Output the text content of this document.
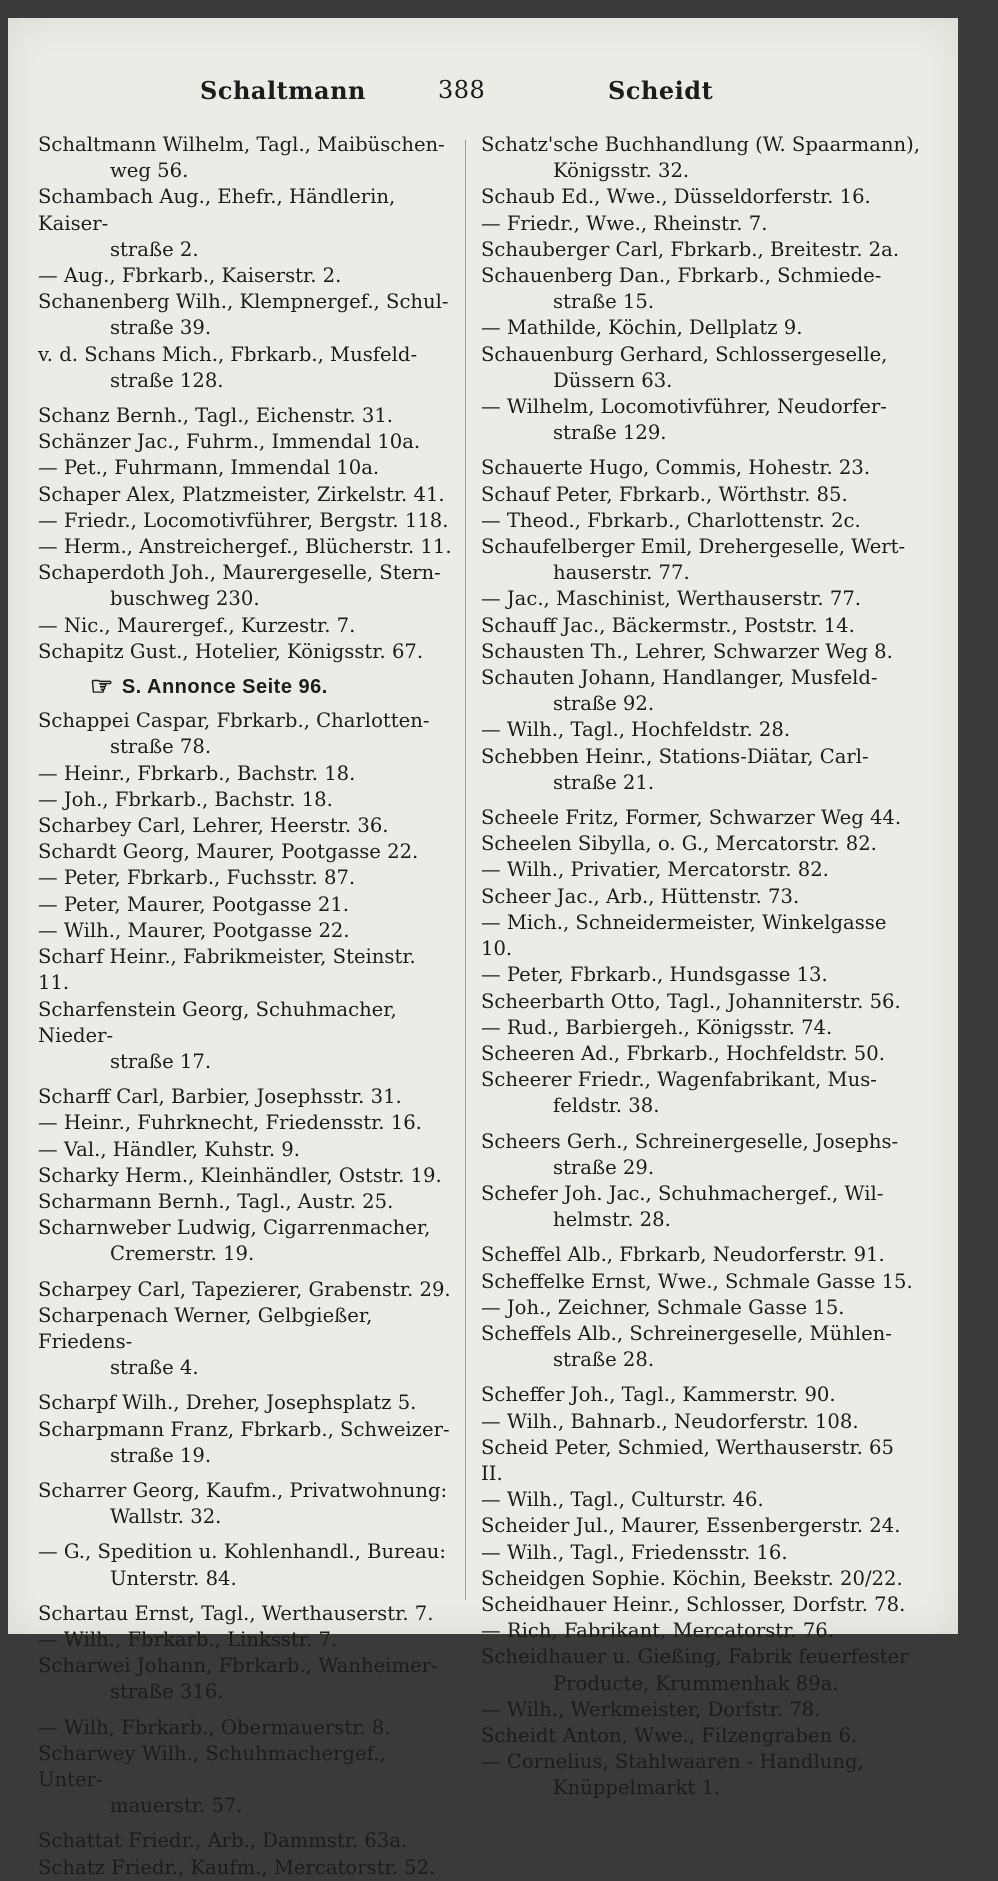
Schaltmann	388	Scheidt
Schaltmann Wilhelm, Tagl., Maibüschen-
weg 56.
Schambach Aug., Ehefr., Händlerin, Kaiser-
straße 2.
— Aug., Fbrkarb., Kaiserstr. 2.
Schanenberg Wilh., Klempnergef., Schul-
straße 39.
v. d. Schans Mich., Fbrkarb., Musfeld-
straße 128.
Schanz Bernh., Tagl., Eichenstr. 31.
Schänzer Jac., Fuhrm., Immendal 10a.
— Pet., Fuhrmann, Immendal 10a.
Schaper Alex, Platzmeister, Zirkelstr. 41.
— Friedr., Locomotivführer, Bergstr. 118.
— Herm., Anstreichergef., Blücherstr. 11.
Schaperdoth Joh., Maurergeselle, Stern-
buschweg 230.
— Nic., Maurergef., Kurzestr. 7.
Schapitz Gust., Hotelier, Königsstr. 67.
☞ S. Annonce Seite 96.
Schappei Caspar, Fbrkarb., Charlotten-
straße 78.
— Heinr., Fbrkarb., Bachstr. 18.
— Joh., Fbrkarb., Bachstr. 18.
Scharbey Carl, Lehrer, Heerstr. 36.
Schardt Georg, Maurer, Pootgasse 22.
— Peter, Fbrkarb., Fuchsstr. 87.
— Peter, Maurer, Pootgasse 21.
— Wilh., Maurer, Pootgasse 22.
Scharf Heinr., Fabrikmeister, Steinstr. 11.
Scharfenstein Georg, Schuhmacher, Nieder-
straße 17.
Scharff Carl, Barbier, Josephsstr. 31.
— Heinr., Fuhrknecht, Friedensstr. 16.
— Val., Händler, Kuhstr. 9.
Scharky Herm., Kleinhändler, Oststr. 19.
Scharmann Bernh., Tagl., Austr. 25.
Scharnweber Ludwig, Cigarrenmacher,
Cremerstr. 19.
Scharpey Carl, Tapezierer, Grabenstr. 29.
Scharpenach Werner, Gelbgießer, Friedens-
straße 4.
Scharpf Wilh., Dreher, Josephsplatz 5.
Scharpmann Franz, Fbrkarb., Schweizer-
straße 19.
Scharrer Georg, Kaufm., Privatwohnung:
Wallstr. 32.
— G., Spedition u. Kohlenhandl., Bureau:
Unterstr. 84.
Schartau Ernst, Tagl., Werthauserstr. 7.
— Wilh., Fbrkarb., Linksstr. 7.
Scharwei Johann, Fbrkarb., Wanheimer-
straße 316.
— Wilh, Fbrkarb., Obermauerstr. 8.
Scharwey Wilh., Schuhmachergef., Unter-
mauerstr. 57.
Schattat Friedr., Arb., Dammstr. 63a.
Schatz Friedr., Kaufm., Mercatorstr. 52.
Schatz'sche Buchhandlung (W. Spaarmann),
Königsstr. 32.
Schaub Ed., Wwe., Düsseldorferstr. 16.
— Friedr., Wwe., Rheinstr. 7.
Schauberger Carl, Fbrkarb., Breitestr. 2a.
Schauenberg Dan., Fbrkarb., Schmiede-
straße 15.
— Mathilde, Köchin, Dellplatz 9.
Schauenburg Gerhard, Schlossergeselle,
Düssern 63.
— Wilhelm, Locomotivführer, Neudorfer-
straße 129.
Schauerte Hugo, Commis, Hohestr. 23.
Schauf Peter, Fbrkarb., Wörthstr. 85.
— Theod., Fbrkarb., Charlottenstr. 2c.
Schaufelberger Emil, Drehergeselle, Wert-
hauserstr. 77.
— Jac., Maschinist, Werthauserstr. 77.
Schauff Jac., Bäckermstr., Poststr. 14.
Schausten Th., Lehrer, Schwarzer Weg 8.
Schauten Johann, Handlanger, Musfeld-
straße 92.
— Wilh., Tagl., Hochfeldstr. 28.
Schebben Heinr., Stations-Diätar, Carl-
straße 21.
Scheele Fritz, Former, Schwarzer Weg 44.
Scheelen Sibylla, o. G., Mercatorstr. 82.
— Wilh., Privatier, Mercatorstr. 82.
Scheer Jac., Arb., Hüttenstr. 73.
— Mich., Schneidermeister, Winkelgasse 10.
— Peter, Fbrkarb., Hundsgasse 13.
Scheerbarth Otto, Tagl., Johanniterstr. 56.
— Rud., Barbiergeh., Königsstr. 74.
Scheeren Ad., Fbrkarb., Hochfeldstr. 50.
Scheerer Friedr., Wagenfabrikant, Mus-
feldstr. 38.
Scheers Gerh., Schreinergeselle, Josephs-
straße 29.
Schefer Joh. Jac., Schuhmachergef., Wil-
helmstr. 28.
Scheffel Alb., Fbrkarb, Neudorferstr. 91.
Scheffelke Ernst, Wwe., Schmale Gasse 15.
— Joh., Zeichner, Schmale Gasse 15.
Scheffels Alb., Schreinergeselle, Mühlen-
straße 28.
Scheffer Joh., Tagl., Kammerstr. 90.
— Wilh., Bahnarb., Neudorferstr. 108.
Scheid Peter, Schmied, Werthauserstr. 65 II.
— Wilh., Tagl., Culturstr. 46.
Scheider Jul., Maurer, Essenbergerstr. 24.
— Wilh., Tagl., Friedensstr. 16.
Scheidgen Sophie. Köchin, Beekstr. 20/22.
Scheidhauer Heinr., Schlosser, Dorfstr. 78.
— Rich, Fabrikant, Mercatorstr. 76.
Scheidhauer u. Gießing, Fabrik feuerfester
Producte, Krummenhak 89a.
— Wilh., Werkmeister, Dorfstr. 78.
Scheidt Anton, Wwe., Filzengraben 6.
— Cornelius, Stahlwaaren - Handlung,
Knüppelmarkt 1.
